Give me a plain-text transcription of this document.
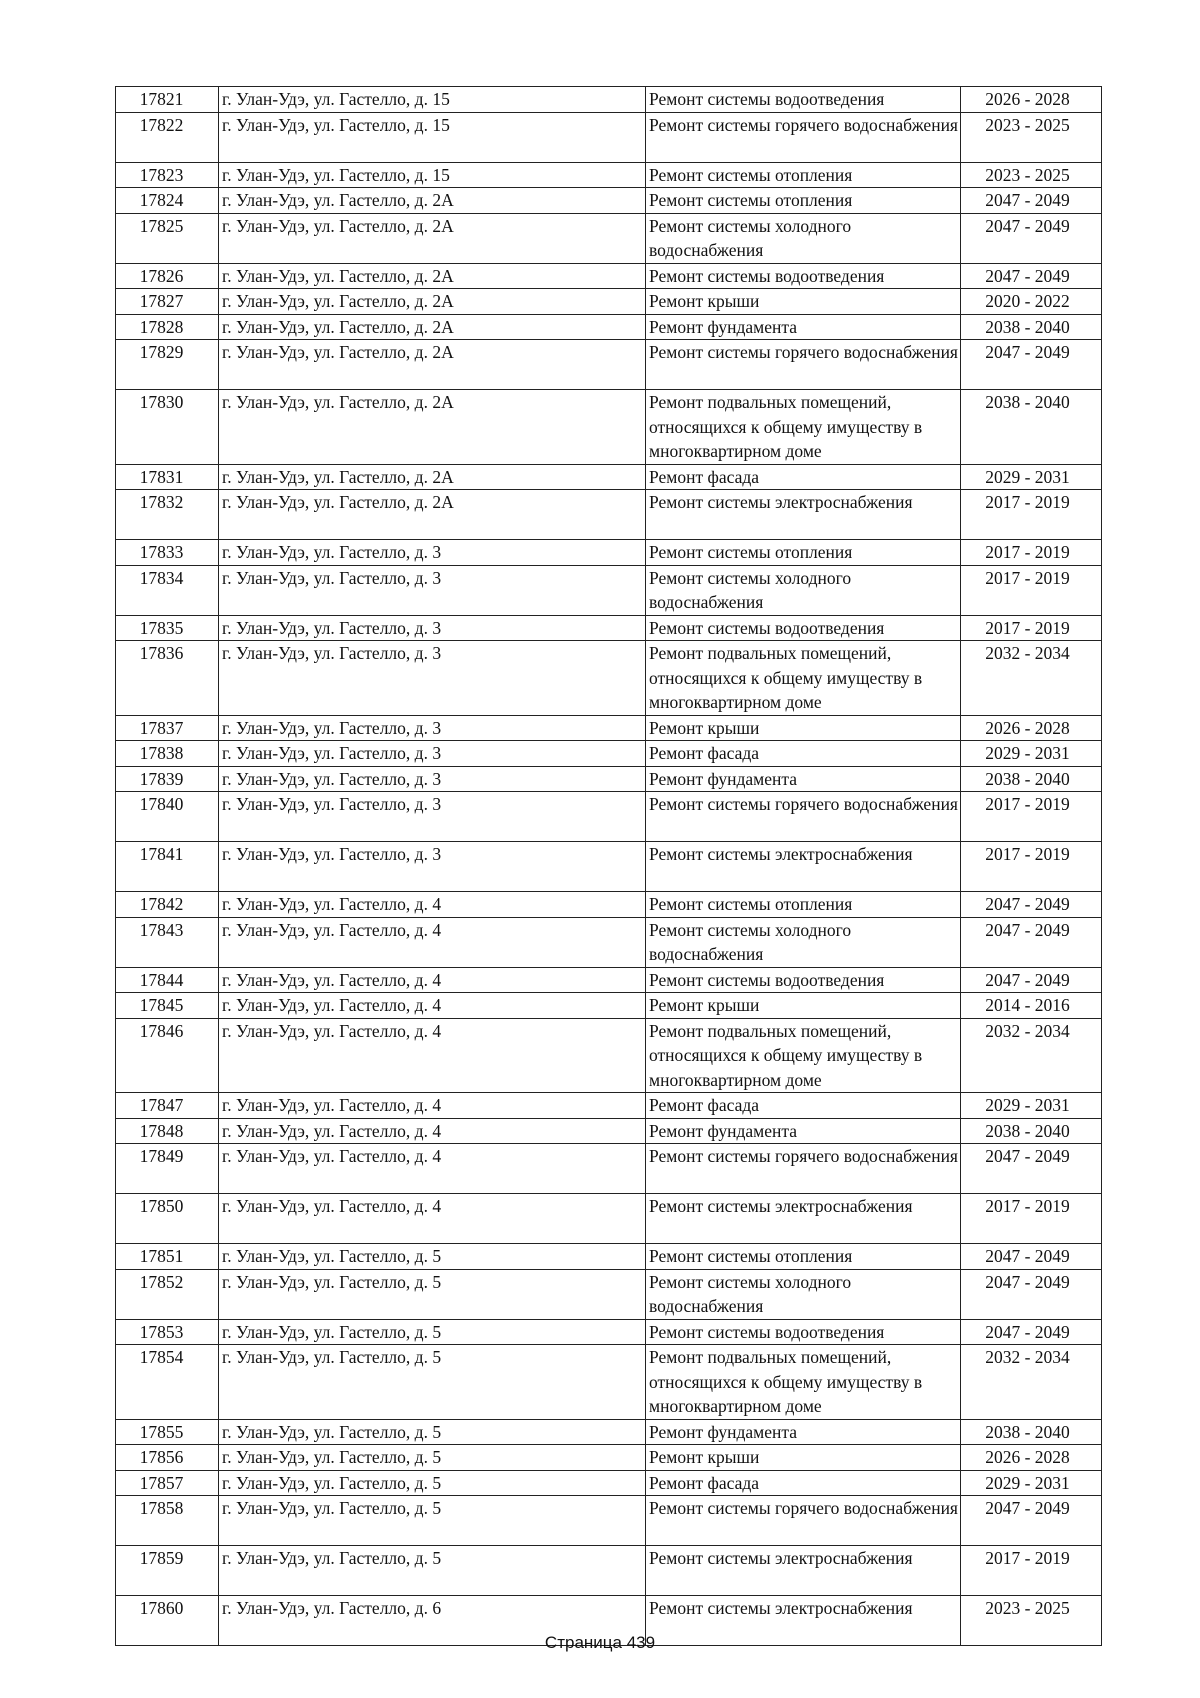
17821	г. Улан-Удэ, ул. Гастелло, д. 15	Ремонт системы водоотведения	2026 - 2028
17822	г. Улан-Удэ, ул. Гастелло, д. 15	Ремонт системы горячего водоснабжения	2023 - 2025
17823	г. Улан-Удэ, ул. Гастелло, д. 15	Ремонт системы отопления	2023 - 2025
17824	г. Улан-Удэ, ул. Гастелло, д. 2А	Ремонт системы отопления	2047 - 2049
17825	г. Улан-Удэ, ул. Гастелло, д. 2А	Ремонт системы холодного водоснабжения	2047 - 2049
17826	г. Улан-Удэ, ул. Гастелло, д. 2А	Ремонт системы водоотведения	2047 - 2049
17827	г. Улан-Удэ, ул. Гастелло, д. 2А	Ремонт крыши	2020 - 2022
17828	г. Улан-Удэ, ул. Гастелло, д. 2А	Ремонт фундамента	2038 - 2040
17829	г. Улан-Удэ, ул. Гастелло, д. 2А	Ремонт системы горячего водоснабжения	2047 - 2049
17830	г. Улан-Удэ, ул. Гастелло, д. 2А	Ремонт подвальных помещений, относящихся к общему имуществу в многоквартирном доме	2038 - 2040
17831	г. Улан-Удэ, ул. Гастелло, д. 2А	Ремонт фасада	2029 - 2031
17832	г. Улан-Удэ, ул. Гастелло, д. 2А	Ремонт системы электроснабжения	2017 - 2019
17833	г. Улан-Удэ, ул. Гастелло, д. 3	Ремонт системы отопления	2017 - 2019
17834	г. Улан-Удэ, ул. Гастелло, д. 3	Ремонт системы холодного водоснабжения	2017 - 2019
17835	г. Улан-Удэ, ул. Гастелло, д. 3	Ремонт системы водоотведения	2017 - 2019
17836	г. Улан-Удэ, ул. Гастелло, д. 3	Ремонт подвальных помещений, относящихся к общему имуществу в многоквартирном доме	2032 - 2034
17837	г. Улан-Удэ, ул. Гастелло, д. 3	Ремонт крыши	2026 - 2028
17838	г. Улан-Удэ, ул. Гастелло, д. 3	Ремонт фасада	2029 - 2031
17839	г. Улан-Удэ, ул. Гастелло, д. 3	Ремонт фундамента	2038 - 2040
17840	г. Улан-Удэ, ул. Гастелло, д. 3	Ремонт системы горячего водоснабжения	2017 - 2019
17841	г. Улан-Удэ, ул. Гастелло, д. 3	Ремонт системы электроснабжения	2017 - 2019
17842	г. Улан-Удэ, ул. Гастелло, д. 4	Ремонт системы отопления	2047 - 2049
17843	г. Улан-Удэ, ул. Гастелло, д. 4	Ремонт системы холодного водоснабжения	2047 - 2049
17844	г. Улан-Удэ, ул. Гастелло, д. 4	Ремонт системы водоотведения	2047 - 2049
17845	г. Улан-Удэ, ул. Гастелло, д. 4	Ремонт крыши	2014 - 2016
17846	г. Улан-Удэ, ул. Гастелло, д. 4	Ремонт подвальных помещений, относящихся к общему имуществу в многоквартирном доме	2032 - 2034
17847	г. Улан-Удэ, ул. Гастелло, д. 4	Ремонт фасада	2029 - 2031
17848	г. Улан-Удэ, ул. Гастелло, д. 4	Ремонт фундамента	2038 - 2040
17849	г. Улан-Удэ, ул. Гастелло, д. 4	Ремонт системы горячего водоснабжения	2047 - 2049
17850	г. Улан-Удэ, ул. Гастелло, д. 4	Ремонт системы электроснабжения	2017 - 2019
17851	г. Улан-Удэ, ул. Гастелло, д. 5	Ремонт системы отопления	2047 - 2049
17852	г. Улан-Удэ, ул. Гастелло, д. 5	Ремонт системы холодного водоснабжения	2047 - 2049
17853	г. Улан-Удэ, ул. Гастелло, д. 5	Ремонт системы водоотведения	2047 - 2049
17854	г. Улан-Удэ, ул. Гастелло, д. 5	Ремонт подвальных помещений, относящихся к общему имуществу в многоквартирном доме	2032 - 2034
17855	г. Улан-Удэ, ул. Гастелло, д. 5	Ремонт фундамента	2038 - 2040
17856	г. Улан-Удэ, ул. Гастелло, д. 5	Ремонт крыши	2026 - 2028
17857	г. Улан-Удэ, ул. Гастелло, д. 5	Ремонт фасада	2029 - 2031
17858	г. Улан-Удэ, ул. Гастелло, д. 5	Ремонт системы горячего водоснабжения	2047 - 2049
17859	г. Улан-Удэ, ул. Гастелло, д. 5	Ремонт системы электроснабжения	2017 - 2019
17860	г. Улан-Удэ, ул. Гастелло, д. 6	Ремонт системы электроснабжения	2023 - 2025
Страница 439
